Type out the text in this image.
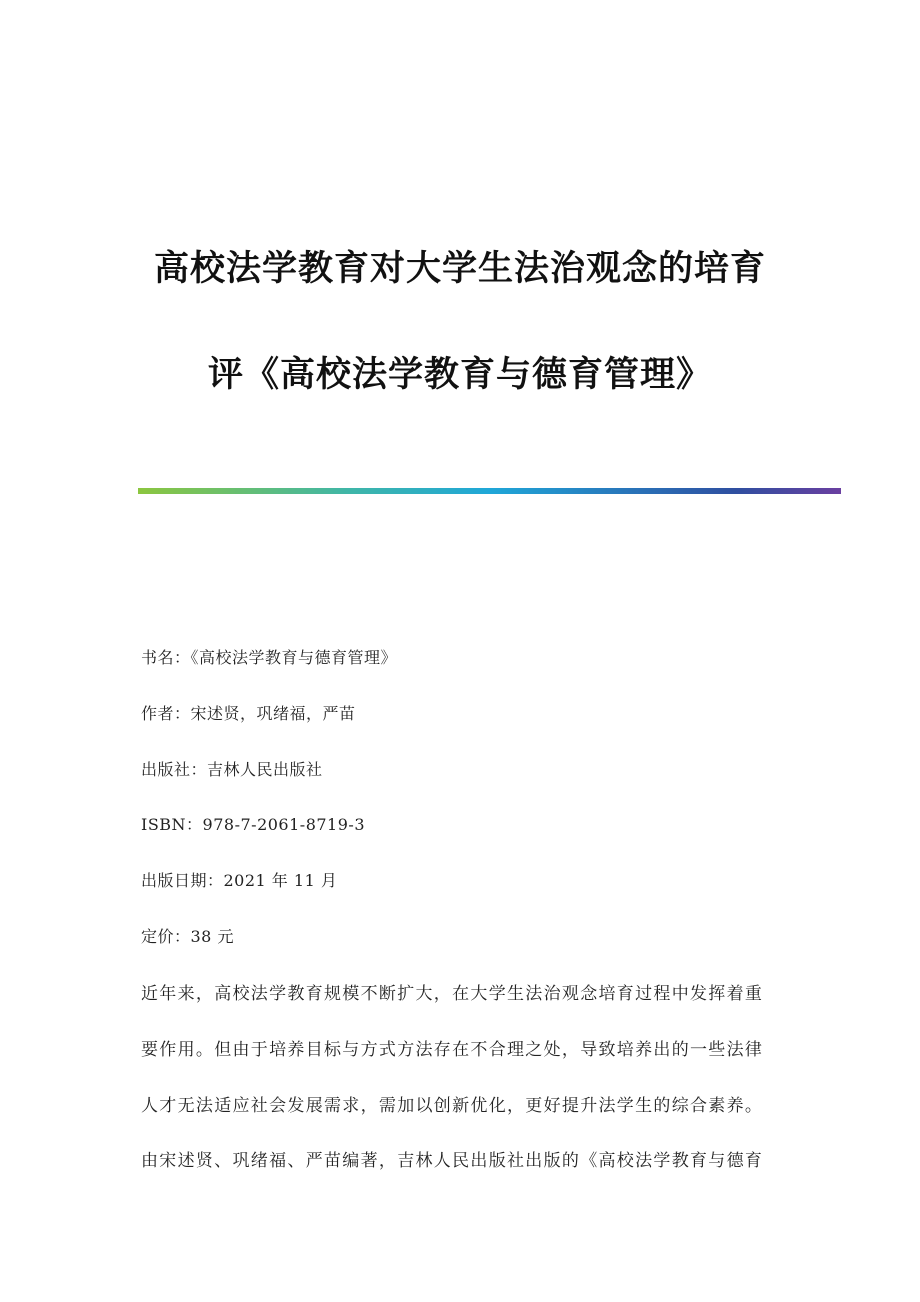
高校法学教育对大学生法治观念的培育
评《高校法学教育与德育管理》
书名：《高校法学教育与德育管理》
作者：宋述贤，巩绪福，严苗
出版社：吉林人民出版社
ISBN：978-7-2061-8719-3
出版日期：2021 年 11 月
定价：38 元
近年来，高校法学教育规模不断扩大，在大学生法治观念培育过程中发挥着重
要作用。但由于培养目标与方式方法存在不合理之处，导致培养出的一些法律
人才无法适应社会发展需求，需加以创新优化，更好提升法学生的综合素养。
由宋述贤、巩绪福、严苗编著，吉林人民出版社出版的《高校法学教育与德育
